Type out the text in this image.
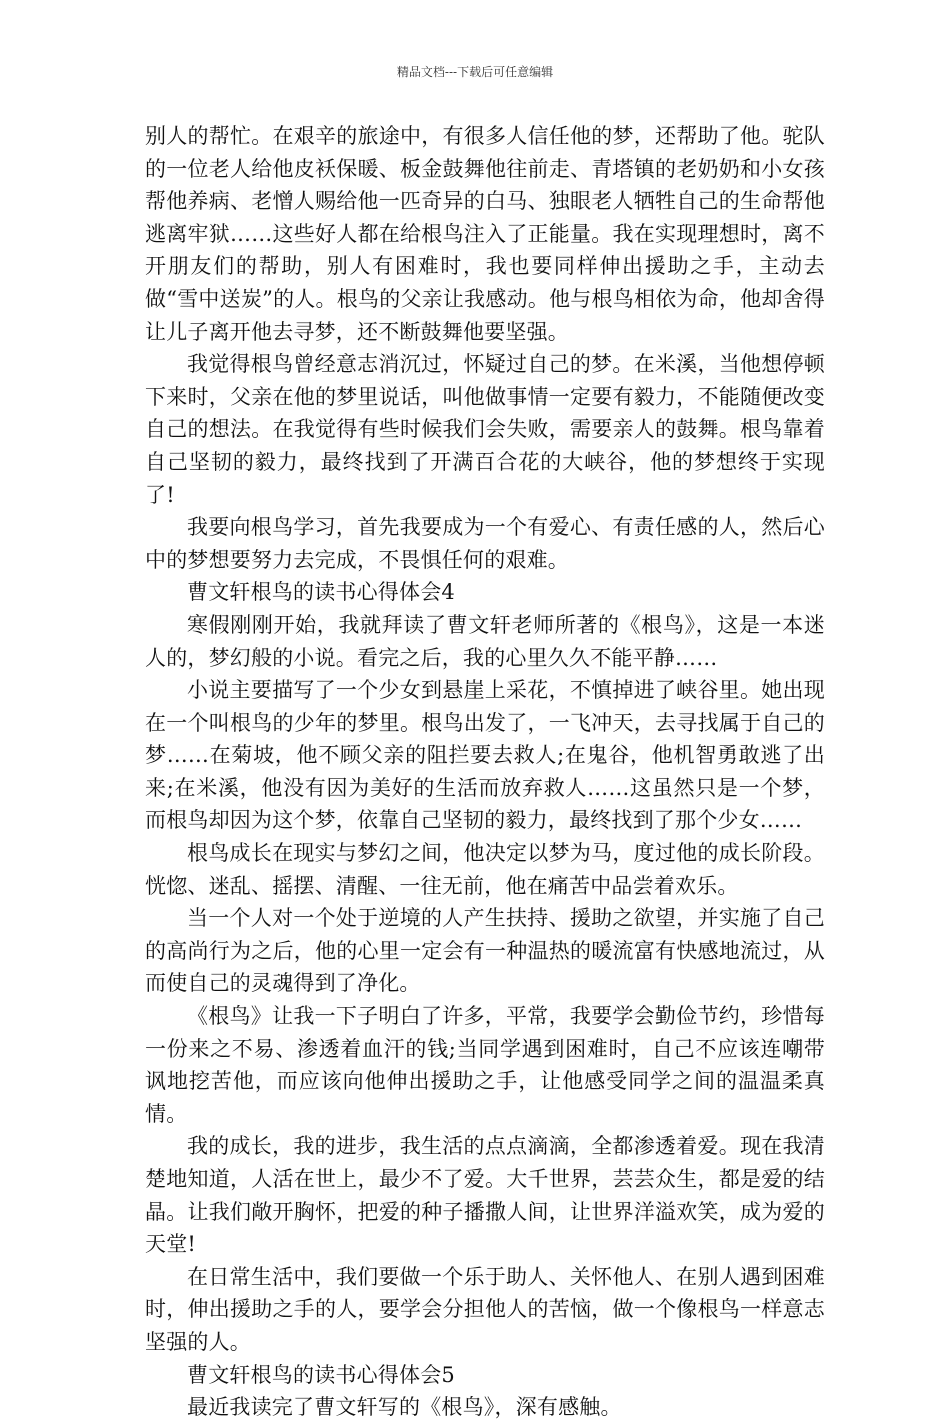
精品文档---下载后可任意编辑

别人的帮忙。在艰辛的旅途中，有很多人信任他的梦，还帮助了他。驼队的一位老人给他皮袄保暖、板金鼓舞他往前走、青塔镇的老奶奶和小女孩帮他养病、老憎人赐给他一匹奇异的白马、独眼老人牺牲自己的生命帮他逃离牢狱……这些好人都在给根鸟注入了正能量。我在实现理想时，离不开朋友们的帮助，别人有困难时，我也要同样伸出援助之手，主动去做“雪中送炭”的人。根鸟的父亲让我感动。他与根鸟相依为命，他却舍得让儿子离开他去寻梦，还不断鼓舞他要坚强。

我觉得根鸟曾经意志消沉过，怀疑过自己的梦。在米溪，当他想停顿下来时，父亲在他的梦里说话，叫他做事情一定要有毅力，不能随便改变自己的想法。在我觉得有些时候我们会失败，需要亲人的鼓舞。根鸟靠着自己坚韧的毅力，最终找到了开满百合花的大峡谷，他的梦想终于实现了!

我要向根鸟学习，首先我要成为一个有爱心、有责任感的人，然后心中的梦想要努力去完成，不畏惧任何的艰难。

曹文轩根鸟的读书心得体会4

寒假刚刚开始，我就拜读了曹文轩老师所著的《根鸟》，这是一本迷人的，梦幻般的小说。看完之后，我的心里久久不能平静……

小说主要描写了一个少女到悬崖上采花，不慎掉进了峡谷里。她出现在一个叫根鸟的少年的梦里。根鸟出发了，一飞冲天，去寻找属于自己的梦……在菊坡，他不顾父亲的阻拦要去救人;在鬼谷，他机智勇敢逃了出来;在米溪，他没有因为美好的生活而放弃救人……这虽然只是一个梦，而根鸟却因为这个梦，依靠自己坚韧的毅力，最终找到了那个少女……

根鸟成长在现实与梦幻之间，他决定以梦为马，度过他的成长阶段。恍惚、迷乱、摇摆、清醒、一往无前，他在痛苦中品尝着欢乐。

当一个人对一个处于逆境的人产生扶持、援助之欲望，并实施了自己的高尚行为之后，他的心里一定会有一种温热的暖流富有快感地流过，从而使自己的灵魂得到了净化。

《根鸟》让我一下子明白了许多，平常，我要学会勤俭节约，珍惜每一份来之不易、渗透着血汗的钱;当同学遇到困难时，自己不应该连嘲带讽地挖苦他，而应该向他伸出援助之手，让他感受同学之间的温温柔真情。

我的成长，我的进步，我生活的点点滴滴，全都渗透着爱。现在我清楚地知道，人活在世上，最少不了爱。大千世界，芸芸众生，都是爱的结晶。让我们敞开胸怀，把爱的种子播撒人间，让世界洋溢欢笑，成为爱的天堂!

在日常生活中，我们要做一个乐于助人、关怀他人、在别人遇到困难时，伸出援助之手的人，要学会分担他人的苦恼，做一个像根鸟一样意志坚强的人。

曹文轩根鸟的读书心得体会5

最近我读完了曹文轩写的《根鸟》，深有感触。
